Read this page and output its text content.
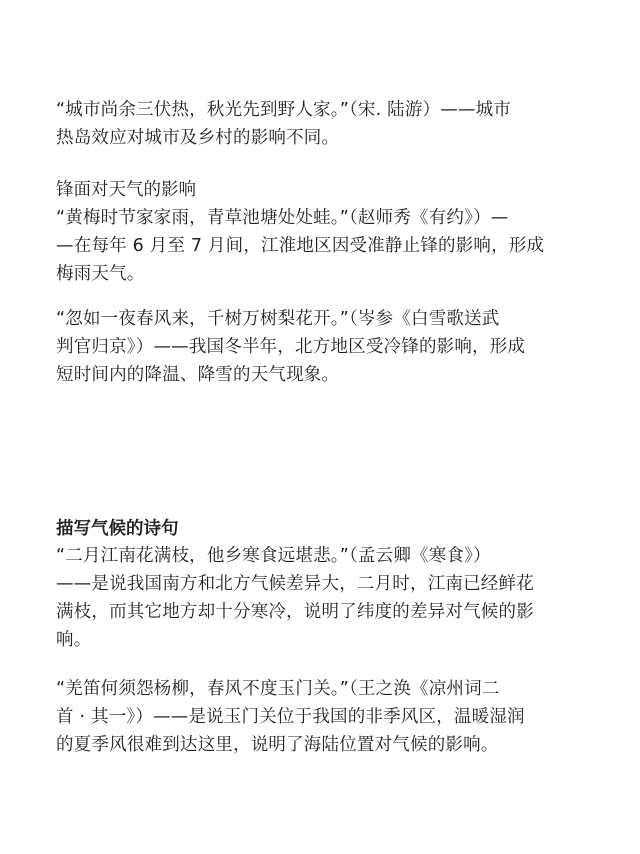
“城市尚余三伏热，秋光先到野人家。”（宋. 陆游）——城市
热岛效应对城市及乡村的影响不同。

锋面对天气的影响

“黄梅时节家家雨，青草池塘处处蛙。”（赵师秀《有约》）—
—在每年 6 月至 7 月间，江淮地区因受准静止锋的影响，形成
梅雨天气。

“忽如一夜春风来，千树万树梨花开。”（岑参《白雪歌送武
判官归京》）——我国冬半年，北方地区受冷锋的影响，形成
短时间内的降温、降雪的天气现象。

描写气候的诗句

“二月江南花满枝，他乡寒食远堪悲。”（孟云卿《寒食》）
——是说我国南方和北方气候差异大，二月时，江南已经鲜花
满枝，而其它地方却十分寒冷，说明了纬度的差异对气候的影
响。

“羌笛何须怨杨柳，春风不度玉门关。”（王之涣《凉州词二
首 · 其一》）——是说玉门关位于我国的非季风区，温暖湿润
的夏季风很难到达这里，说明了海陆位置对气候的影响。
